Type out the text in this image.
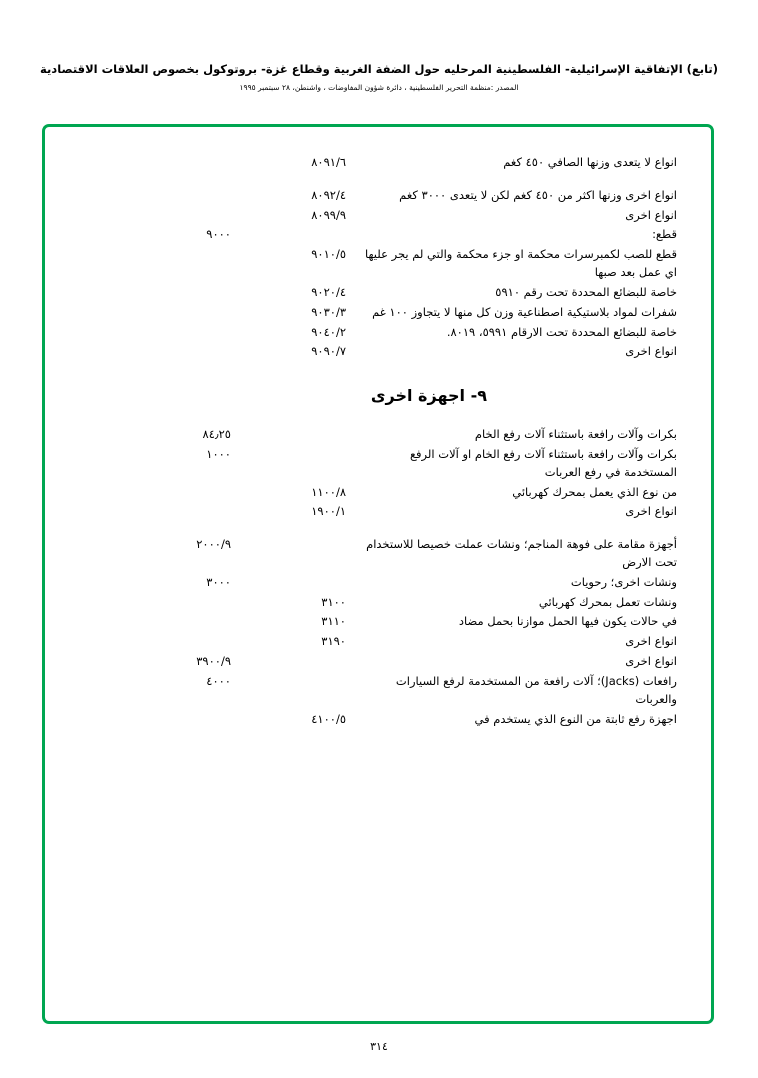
(تابع) الإتفاقية الإسرائيلية- الفلسطينية المرحليه حول الضفة الغربية وقطاع غزة- بروتوكول بخصوص العلاقات الاقتصادية
المصدر :منظمة التحرير الفلسطينية ، دائرة شؤون المفاوضات ، واشنطن، ٢٨ سبتمبر ١٩٩٥
انواع لا يتعدى وزنها الصافي ٤٥٠ كغم	٨٠٩١/٦		

انواع اخرى وزنها اكثر من ٤٥٠ كغم لكن لا يتعدى ٣٠٠٠ كغم	٨٠٩٢/٤		
انواع اخرى	٨٠٩٩/٩		
قطع:		٩٠٠٠	
قطع للصب لكمبرسرات محكمة او جزء محكمة والتي لم يجر عليها اي عمل بعد صبها	٩٠١٠/٥		
خاصة للبضائع المحددة تحت رقم ٥٩١٠	٩٠٢٠/٤		
شفرات لمواد بلاستيكية اصطناعية وزن كل منها لا يتجاوز ١٠٠ غم	٩٠٣٠/٣		
خاصة للبضائع المحددة تحت الارقام ٥٩٩١، ٨٠١٩.	٩٠٤٠/٢		
انواع اخرى	٩٠٩٠/٧		
٩- اجهزة اخرى
بكرات وآلات رافعة باستثناء آلات رفع الخام		٨٤٫٢٥	
بكرات وآلات رافعة باستثناء آلات رفع الخام او آلات الرفع المستخدمة في رفع العربات		١٠٠٠	
من نوع الذي يعمل بمحرك كهربائي	١١٠٠/٨		
انواع اخرى	١٩٠٠/١		

أجهزة مقامة على فوهة المناجم؛ ونشات عملت خصيصا للاستخدام تحت الارض		٢٠٠٠/٩	
ونشات اخرى؛ رحويات		٣٠٠٠	
ونشات تعمل بمحرك كهربائي	٣١٠٠		
في حالات يكون فيها الحمل موازنا بحمل مضاد	٣١١٠		
انواع اخرى	٣١٩٠		
انواع اخرى		٣٩٠٠/٩	
رافعات (Jacks)؛ آلات رافعة من المستخدمة لرفع السيارات والعربات		٤٠٠٠	
اجهزة رفع ثابتة من النوع الذي يستخدم في	٤١٠٠/٥		
٣١٤
